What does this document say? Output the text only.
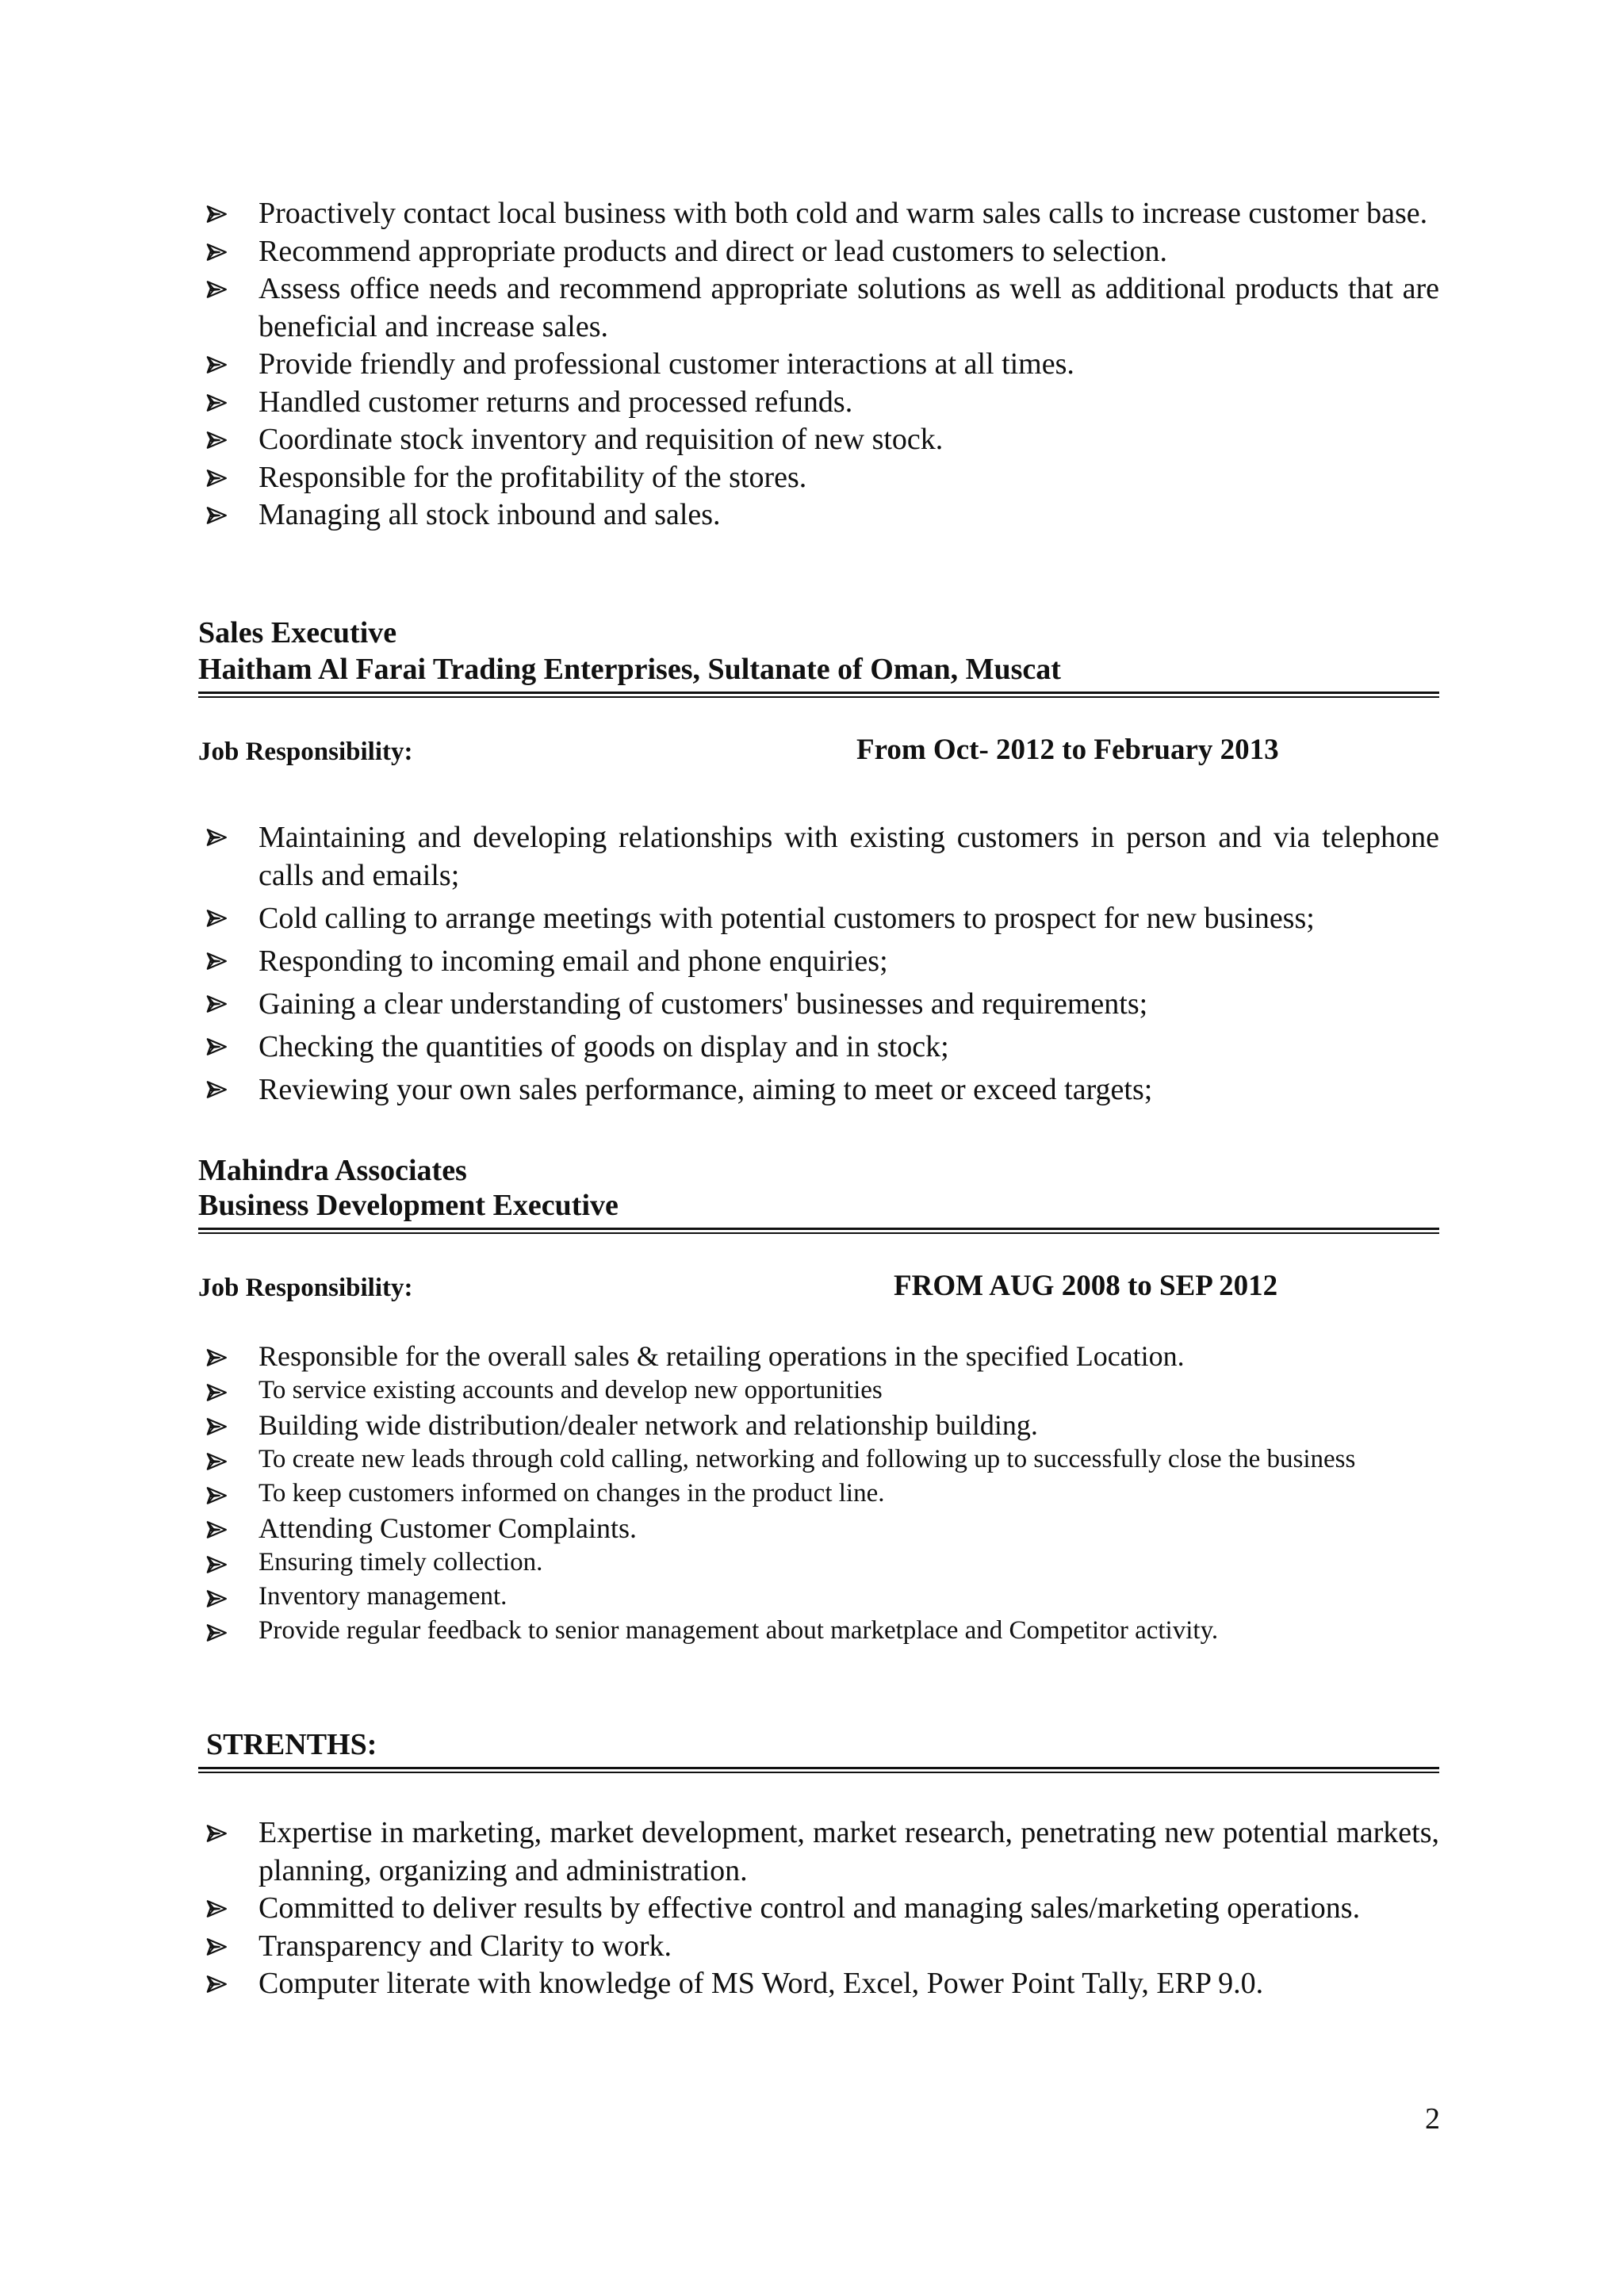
Proactively contact local business with both cold and warm sales calls to increase customer base.
Recommend appropriate products and direct or lead customers to selection.
Assess office needs and recommend appropriate solutions as well as additional products that are beneficial and increase sales.
Provide friendly and professional customer interactions at all times.
Handled customer returns and processed refunds.
Coordinate stock inventory and requisition of new stock.
Responsible for the profitability of the stores.
Managing all stock inbound and sales.
Sales Executive
Haitham Al Farai Trading Enterprises, Sultanate of Oman, Muscat
Job Responsibility:	From Oct- 2012 to February 2013
Maintaining and developing relationships with existing customers in person and via telephone calls and emails;
Cold calling to arrange meetings with potential customers to prospect for new business;
Responding to incoming email and phone enquiries;
Gaining a clear understanding of customers' businesses and requirements;
Checking the quantities of goods on display and in stock;
Reviewing your own sales performance, aiming to meet or exceed targets;
Mahindra Associates
Business Development Executive
Job Responsibility:	FROM AUG 2008 to SEP 2012
Responsible for the overall sales & retailing operations in the specified Location.
To service existing accounts and develop new opportunities
Building wide distribution/dealer network and relationship building.
To create new leads through cold calling, networking and following up to successfully close the business
To keep customers informed on changes in the product line.
Attending Customer Complaints.
Ensuring timely collection.
Inventory management.
Provide regular feedback to senior management about marketplace and Competitor activity.
STRENTHS:
Expertise in marketing, market development, market research, penetrating new potential markets, planning, organizing and administration.
Committed to deliver results by effective control and managing sales/marketing operations.
Transparency and Clarity to work.
Computer literate with knowledge of MS Word, Excel, Power Point Tally, ERP 9.0.
2
